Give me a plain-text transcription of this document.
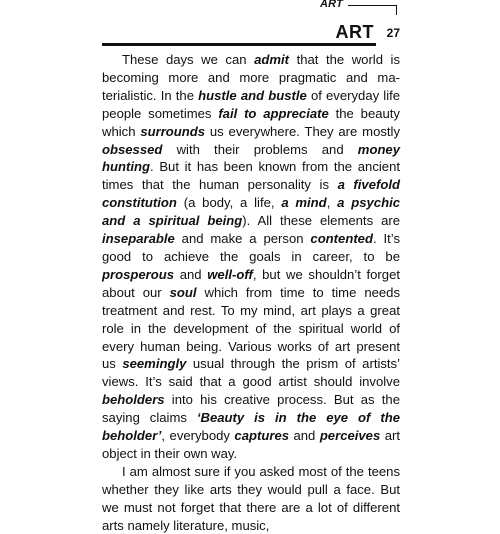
ART
ART 27

These days we can admit that the world is becoming more and more pragmatic and materialistic. In the hustle and bustle of everyday life people sometimes fail to appreciate the beauty which surrounds us everywhere. They are mostly obsessed with their problems and money hunting. But it has been known from the ancient times that the human personality is a fivefold constitution (a body, a life, a mind, a psychic and a spiritual being). All these elements are inseparable and make a person contented. It’s good to achieve the goals in career, to be prosperous and well-off, but we shouldn’t forget about our soul which from time to time needs treatment and rest. To my mind, art plays a great role in the development of the spiritual world of every human being. Various works of art present us seemingly usual through the prism of artists’ views. It’s said that a good artist should involve beholders into his creative process. But as the saying claims ‘Beauty is in the eye of the beholder’, everybody captures and perceives art object in their own way.

I am almost sure if you asked most of the teens whether they like arts they would pull a face. But we must not forget that there are a lot of different arts namely literature, music,
